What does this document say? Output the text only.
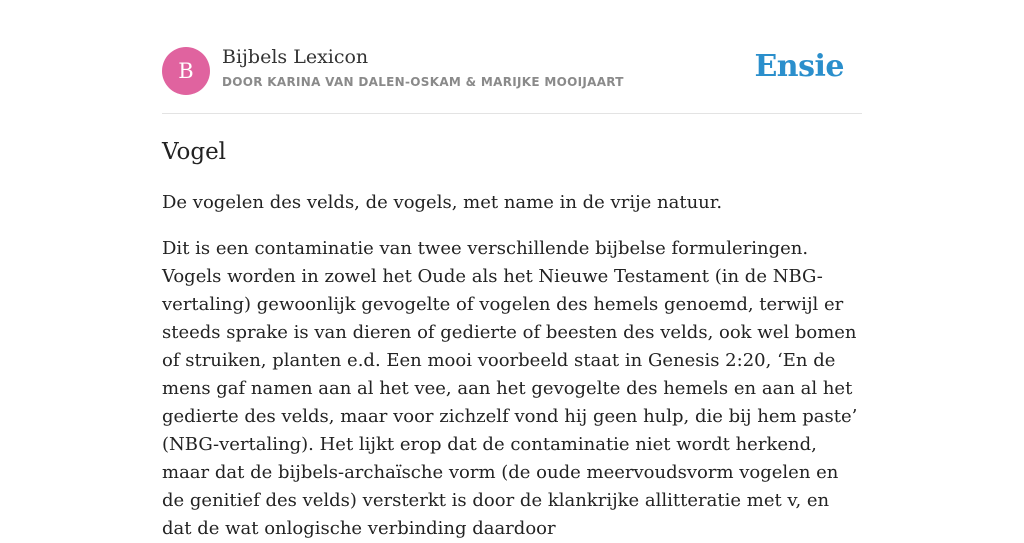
B
Bijbels Lexicon
DOOR KARINA VAN DALEN-OSKAM & MARIJKE MOOIJAART	Ensie
Vogel

De vogelen des velds, de vogels, met name in de vrije natuur.

Dit is een contaminatie van twee verschillende bijbelse formuleringen. Vogels worden in zowel het Oude als het Nieuwe Testament (in de NBG-vertaling) gewoonlijk gevogelte of vogelen des hemels genoemd, terwijl er steeds sprake is van dieren of gedierte of beesten des velds, ook wel bomen of struiken, planten e.d. Een mooi voorbeeld staat in Genesis 2:20, ‘En de mens gaf namen aan al het vee, aan het gevogelte des hemels en aan al het gedierte des velds, maar voor zichzelf vond hij geen hulp, die bij hem paste’ (NBG-vertaling). Het lijkt erop dat de contaminatie niet wordt herkend, maar dat de bijbels-archaïsche vorm (de oude meervoudsvorm vogelen en de genitief des velds) versterkt is door de klankrijke allitteratie met v, en dat de wat onlogische verbinding daardoor
